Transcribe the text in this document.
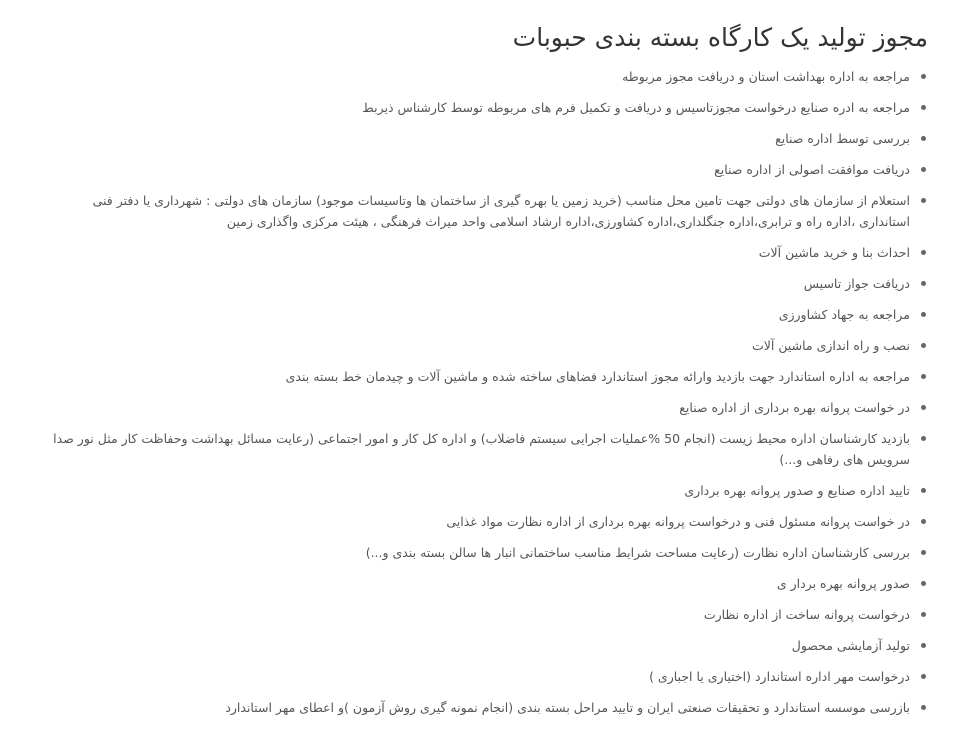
مجوز تولید یک کارگاه بسته بندی حبوبات
مراجعه به اداره بهداشت استان و دریافت مجوز مربوطه
مراجعه به ادره صنایع درخواست مجوزتاسیس و دریافت و تکمیل فرم های مربوطه توسط کارشناس ذیربط
بررسی توسط اداره صنایع
دریافت موافقت اصولی از اداره صنایع
استعلام از سازمان های دولتی جهت تامین محل مناسب (خرید زمین یا بهره گیری از ساختمان ها وتاسیسات موجود) سازمان های دولتی : شهرداری یا دفتر فنی استانداری ،اداره راه و ترابری،اداره جنگلداری،اداره کشاورزی،اداره ارشاد اسلامی واحد میراث فرهنگی ، هیئت مرکزی واگذاری زمین
احداث بنا و خرید ماشین آلات
دریافت جواز تاسیس
مراجعه به جهاد کشاورزی
نصب و راه اندازی ماشین آلات
مراجعه به اداره استاندارد جهت بازدید وارائه مجوز استاندارد فضاهای ساخته شده و ماشین آلات و چیدمان خط بسته بندی
در خواست پروانه بهره برداری از اداره صنایع
بازدید کارشناسان اداره محیط زیست (انجام 50 %عملیات اجرایی سیستم فاضلاب) و اداره کل کار و امور اجتماعی (رعایت مسائل بهداشت وحفاظت کار مثل نور صدا سرویس های رفاهی و...)
تایید اداره صنایع و صدور پروانه بهره برداری
در خواست پروانه مسئول فنی و درخواست پروانه بهره برداری از اداره نظارت مواد غذایی
بررسی کارشناسان اداره نظارت (رعایت مساحت شرایط مناسب ساختمانی انبار ها سالن بسته بندی و...)
صدور پروانه بهره بردار ی
درخواست پروانه ساخت از اداره نظارت
تولید آزمایشی محصول
درخواست مهر اداره استاندارد (اختیاری یا اجباری )
بازرسی موسسه استاندارد و تحقیقات صنعتی ایران و تایید مراحل بسته بندی (انجام نمونه گیری روش آزمون )و اعطای مهر استاندارد
